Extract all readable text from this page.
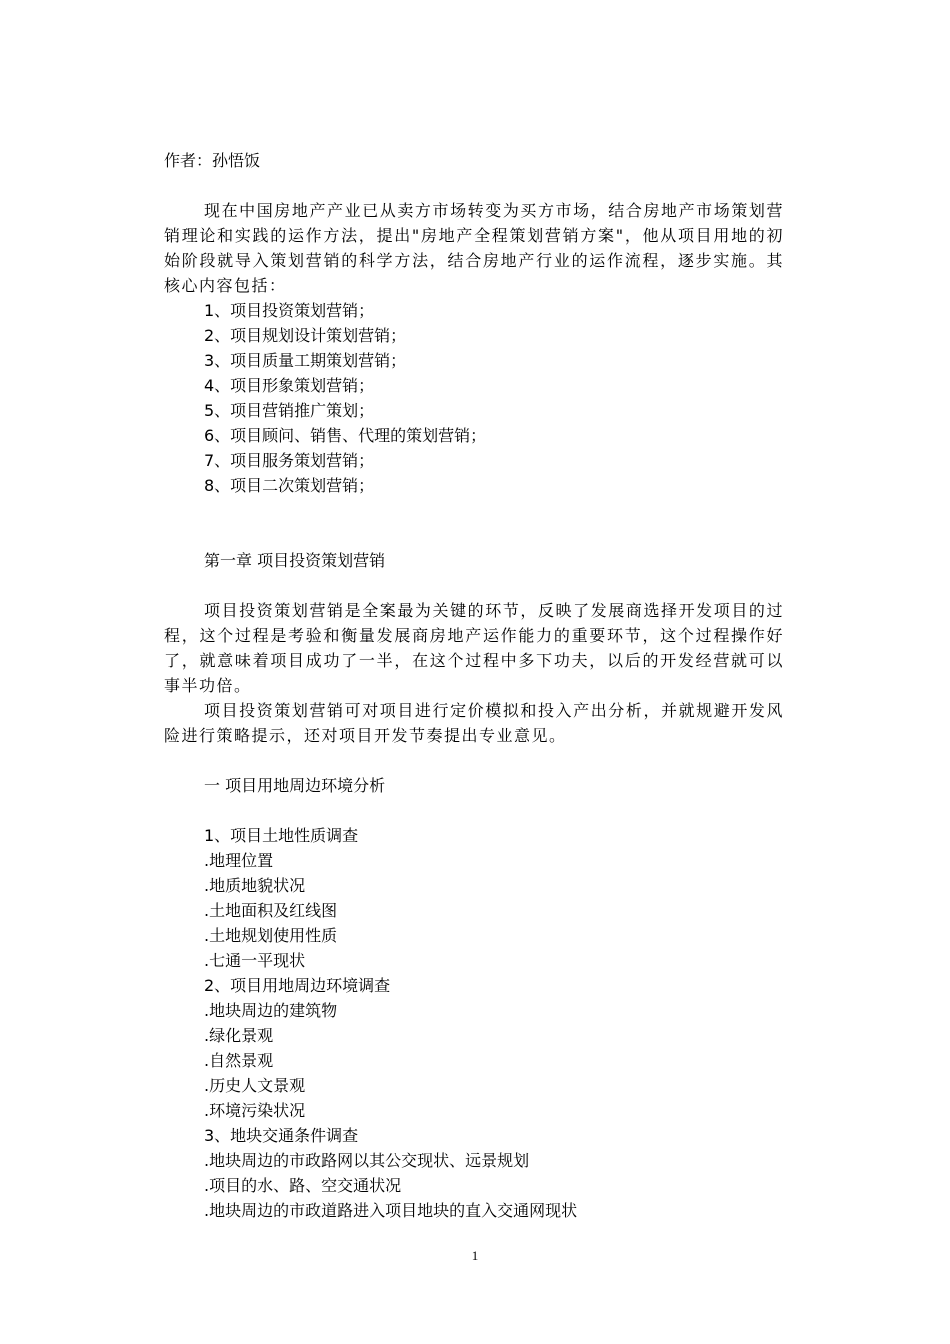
作者：孙悟饭
现在中国房地产产业已从卖方市场转变为买方市场，结合房地产市场策划营销理论和实践的运作方法，提出"房地产全程策划营销方案"，他从项目用地的初始阶段就导入策划营销的科学方法，结合房地产行业的运作流程，逐步实施。其核心内容包括：
1、项目投资策划营销；
2、项目规划设计策划营销；
3、项目质量工期策划营销；
4、项目形象策划营销；
5、项目营销推广策划；
6、项目顾问、销售、代理的策划营销；
7、项目服务策划营销；
8、项目二次策划营销；
第一章 项目投资策划营销
项目投资策划营销是全案最为关键的环节，反映了发展商选择开发项目的过程，这个过程是考验和衡量发展商房地产运作能力的重要环节，这个过程操作好了，就意味着项目成功了一半，在这个过程中多下功夫，以后的开发经营就可以事半功倍。
项目投资策划营销可对项目进行定价模拟和投入产出分析，并就规避开发风险进行策略提示，还对项目开发节奏提出专业意见。
一 项目用地周边环境分析
1、项目土地性质调查
.地理位置
.地质地貌状况
.土地面积及红线图
.土地规划使用性质
.七通一平现状
2、项目用地周边环境调查
.地块周边的建筑物
.绿化景观
.自然景观
.历史人文景观
.环境污染状况
3、地块交通条件调查
.地块周边的市政路网以其公交现状、远景规划
.项目的水、路、空交通状况
.地块周边的市政道路进入项目地块的直入交通网现状
1
